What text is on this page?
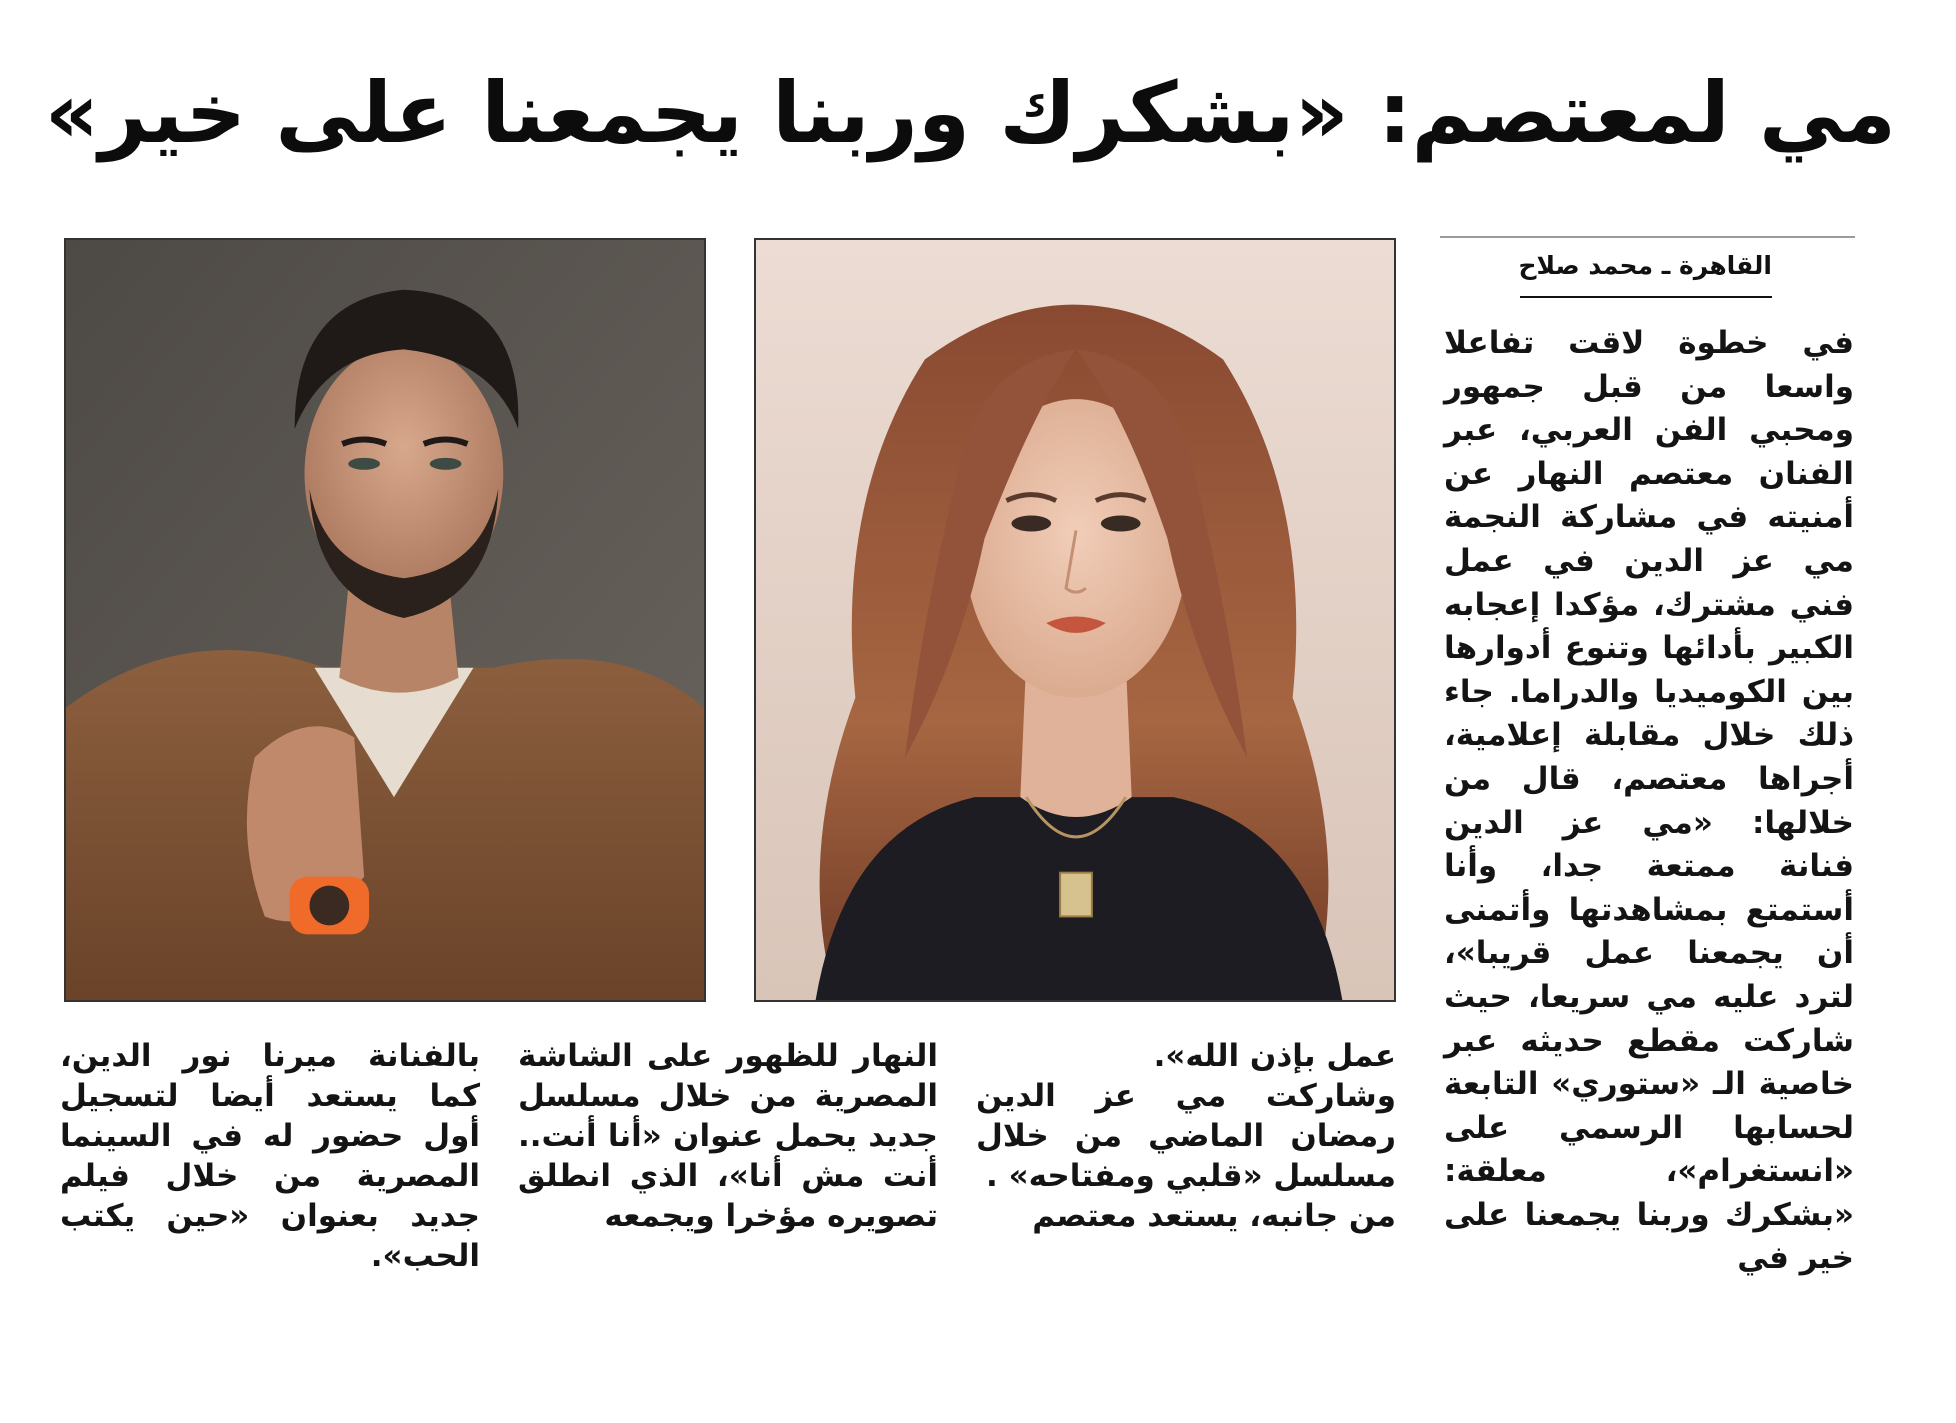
مي لمعتصم: «بشكرك وربنا يجمعنا على خير»
القاهرة ـ محمد صلاح

في خطوة لاقت تفاعلا واسعا من قبل جمهور ومحبي الفن العربي، عبر الفنان معتصم النهار عن أمنيته في مشاركة النجمة مي عز الدين في عمل فني مشترك، مؤكدا إعجابه الكبير بأدائها وتنوع أدوارها بين الكوميديا والدراما. جاء ذلك خلال مقابلة إعلامية، أجراها معتصم، قال من خلالها: «مي عز الدين فنانة ممتعة جدا، وأنا أستمتع بمشاهدتها وأتمنى أن يجمعنا عمل قريبا»، لترد عليه مي سريعا، حيث شاركت مقطع حديثه عبر خاصية الـ «ستوري» التابعة لحسابها الرسمي على «انستغرام»، معلقة: «بشكرك وربنا يجمعنا على خير في

عمل بإذن الله».

وشاركت مي عز الدين رمضان الماضي من خلال مسلسل «قلبي ومفتاحه» .

من جانبه، يستعد معتصم

النهار للظهور على الشاشة المصرية من خلال مسلسل جديد يحمل عنوان «أنا أنت.. أنت مش أنا»، الذي انطلق تصويره مؤخرا ويجمعه

بالفنانة ميرنا نور الدين، كما يستعد أيضا لتسجيل أول حضور له في السينما المصرية من خلال فيلم جديد بعنوان «حين يكتب الحب».
